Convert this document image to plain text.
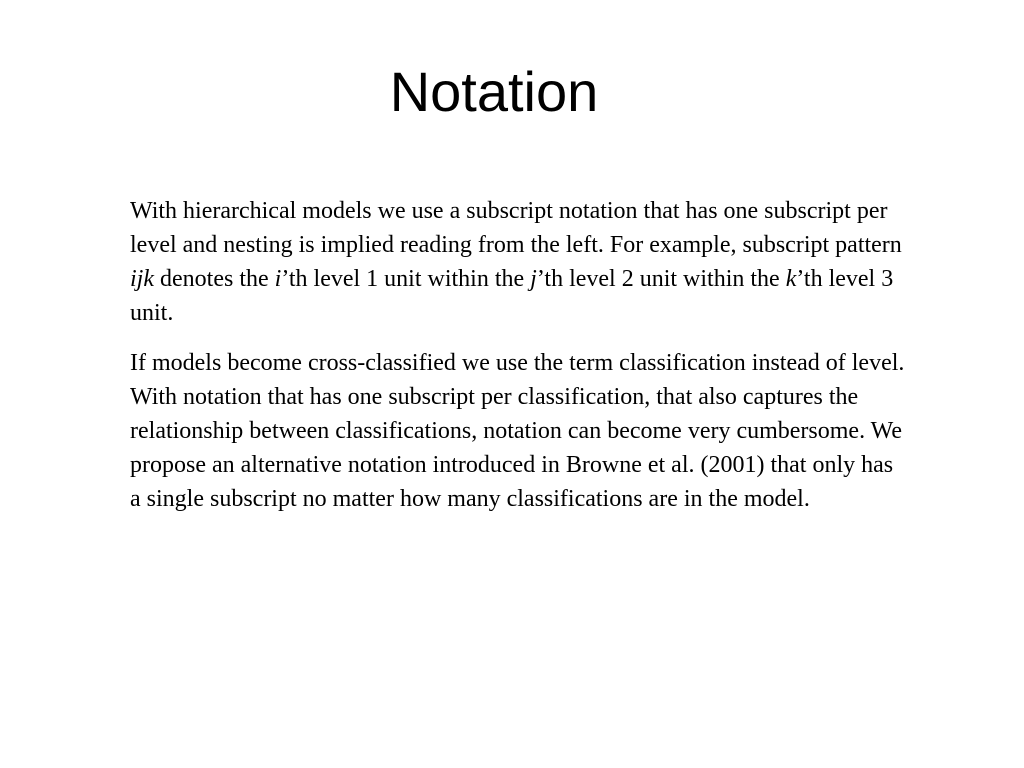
Notation

With hierarchical models we use a subscript notation that has one subscript per level and nesting is implied reading from the left. For example, subscript pattern ijk denotes the i’th level 1 unit within the j’th level 2 unit within the k’th level 3 unit.

If models become cross-classified we use the term classification instead of level. With notation that has one subscript per classification, that also captures the relationship between classifications, notation can become very cumbersome. We propose an alternative notation introduced in Browne et al. (2001) that only has a single subscript no matter how many classifications are in the model.
